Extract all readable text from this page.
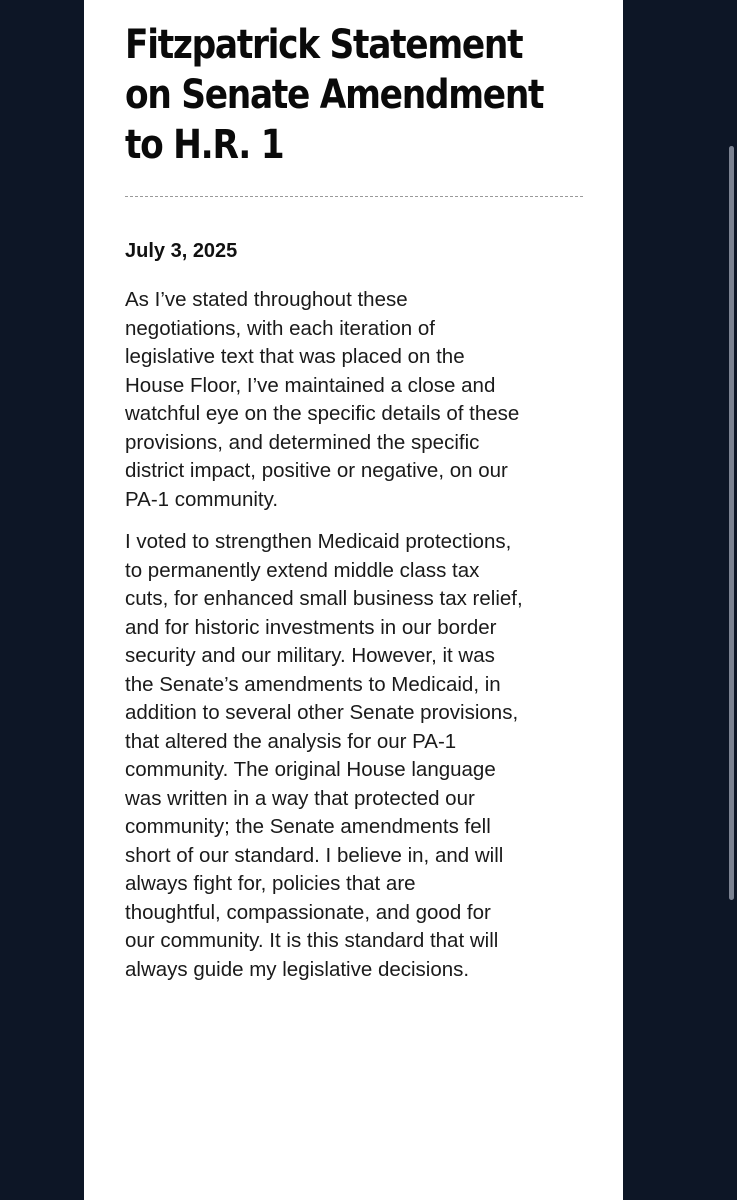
Fitzpatrick Statement
on Senate Amendment
to H.R. 1
July 3, 2025

As I’ve stated throughout these
negotiations, with each iteration of
legislative text that was placed on the
House Floor, I’ve maintained a close and
watchful eye on the specific details of these
provisions, and determined the specific
district impact, positive or negative, on our
PA-1 community.

I voted to strengthen Medicaid protections,
to permanently extend middle class tax
cuts, for enhanced small business tax relief,
and for historic investments in our border
security and our military. However, it was
the Senate’s amendments to Medicaid, in
addition to several other Senate provisions,
that altered the analysis for our PA-1
community. The original House language
was written in a way that protected our
community; the Senate amendments fell
short of our standard. I believe in, and will
always fight for, policies that are
thoughtful, compassionate, and good for
our community. It is this standard that will
always guide my legislative decisions.
